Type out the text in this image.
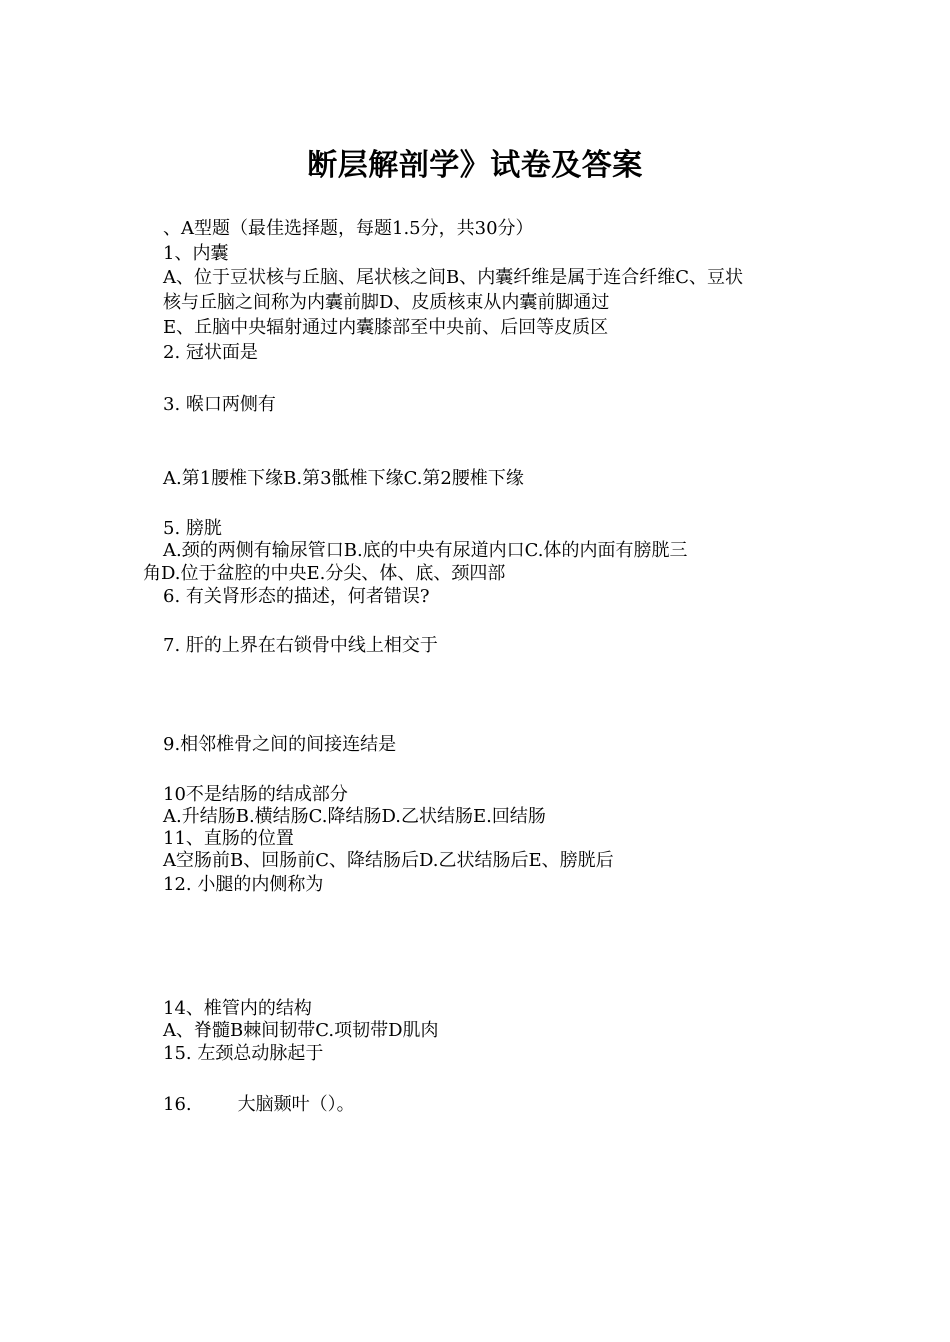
断层解剖学》试卷及答案
、A型题（最佳选择题，每题1.5分，共30分）
1、内囊
A、位于豆状核与丘脑、尾状核之间B、内囊纤维是属于连合纤维C、豆状
核与丘脑之间称为内囊前脚D、皮质核束从内囊前脚通过
E、丘脑中央辐射通过内囊膝部至中央前、后回等皮质区
2. 冠状面是
3. 喉口两侧有
A.第1腰椎下缘B.第3骶椎下缘C.第2腰椎下缘
5. 膀胱
A.颈的两侧有输尿管口B.底的中央有尿道内口C.体的内面有膀胱三
角D.位于盆腔的中央E.分尖、体、底、颈四部
6. 有关肾形态的描述，何者错误?
7. 肝的上界在右锁骨中线上相交于
9.相邻椎骨之间的间接连结是
10不是结肠的结成部分
A.升结肠B.横结肠C.降结肠D.乙状结肠E.回结肠
11、直肠的位置
A空肠前B、回肠前C、降结肠后D.乙状结肠后E、膀胱后
12. 小腿的内侧称为
14、椎管内的结构
A、脊髓B棘间韧带C.项韧带D肌肉
15. 左颈总动脉起于
16.	大脑颞叶（）。
